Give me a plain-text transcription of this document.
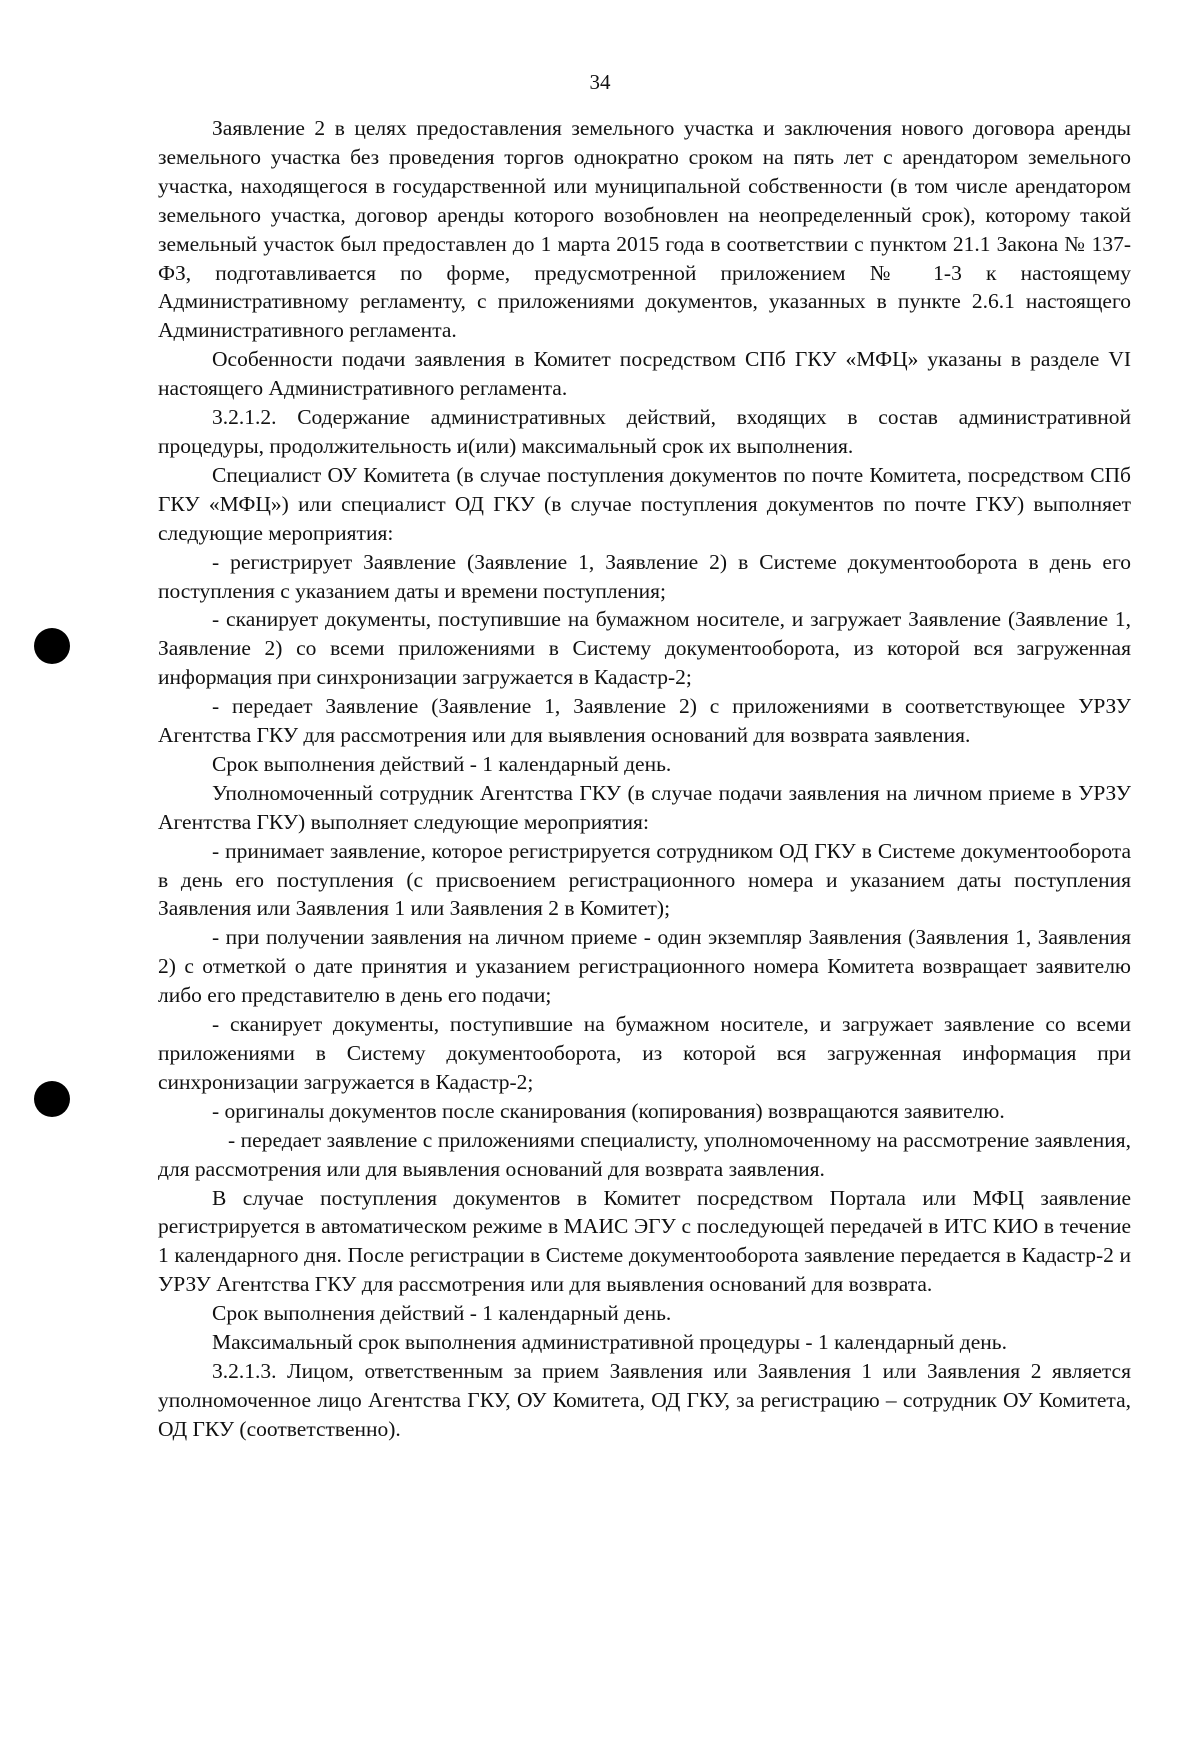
34

Заявление 2 в целях предоставления земельного участка и заключения нового договора аренды земельного участка без проведения торгов однократно сроком на пять лет с арендатором земельного участка, находящегося в государственной или муниципальной собственности (в том числе арендатором земельного участка, договор аренды которого возобновлен на неопределенный срок), которому такой земельный участок был предоставлен до 1 марта 2015 года в соответствии с пунктом 21.1 Закона № 137-ФЗ, подготавливается по форме, предусмотренной приложением № 1-3 к настоящему Административному регламенту, с приложениями документов, указанных в пункте 2.6.1 настоящего Административного регламента.

Особенности подачи заявления в Комитет посредством СПб ГКУ «МФЦ» указаны в разделе VI настоящего Административного регламента.

3.2.1.2. Содержание административных действий, входящих в состав административной процедуры, продолжительность и(или) максимальный срок их выполнения.

Специалист ОУ Комитета (в случае поступления документов по почте Комитета, посредством СПб ГКУ «МФЦ») или специалист ОД ГКУ (в случае поступления документов по почте ГКУ) выполняет следующие мероприятия:

- регистрирует Заявление (Заявление 1, Заявление 2) в Системе документооборота в день его поступления с указанием даты и времени поступления;

- сканирует документы, поступившие на бумажном носителе, и загружает Заявление (Заявление 1, Заявление 2) со всеми приложениями в Систему документооборота, из которой вся загруженная информация при синхронизации загружается в Кадастр-2;

- передает Заявление (Заявление 1, Заявление 2) с приложениями в соответствующее УРЗУ Агентства ГКУ для рассмотрения или для выявления оснований для возврата заявления.

Срок выполнения действий - 1 календарный день.

Уполномоченный сотрудник Агентства ГКУ (в случае подачи заявления на личном приеме в УРЗУ Агентства ГКУ) выполняет следующие мероприятия:

- принимает заявление, которое регистрируется сотрудником ОД ГКУ в Системе документооборота в день его поступления (с присвоением регистрационного номера и указанием даты поступления Заявления или Заявления 1 или Заявления 2 в Комитет);

- при получении заявления на личном приеме - один экземпляр Заявления (Заявления 1, Заявления 2) с отметкой о дате принятия и указанием регистрационного номера Комитета возвращает заявителю либо его представителю в день его подачи;

- сканирует документы, поступившие на бумажном носителе, и загружает заявление со всеми приложениями в Систему документооборота, из которой вся загруженная информация при синхронизации загружается в Кадастр-2;

- оригиналы документов после сканирования (копирования) возвращаются заявителю.

- передает заявление с приложениями специалисту, уполномоченному на рассмотрение заявления, для рассмотрения или для выявления оснований для возврата заявления.

В случае поступления документов в Комитет посредством Портала или МФЦ заявление регистрируется в автоматическом режиме в МАИС ЭГУ с последующей передачей в ИТС КИО в течение 1 календарного дня. После регистрации в Системе документооборота заявление передается в Кадастр-2 и УРЗУ Агентства ГКУ для рассмотрения или для выявления оснований для возврата.

Срок выполнения действий - 1 календарный день.

Максимальный срок выполнения административной процедуры - 1 календарный день.

3.2.1.3. Лицом, ответственным за прием Заявления или Заявления 1 или Заявления 2 является уполномоченное лицо Агентства ГКУ, ОУ Комитета, ОД ГКУ, за регистрацию – сотрудник ОУ Комитета, ОД ГКУ (соответственно).
